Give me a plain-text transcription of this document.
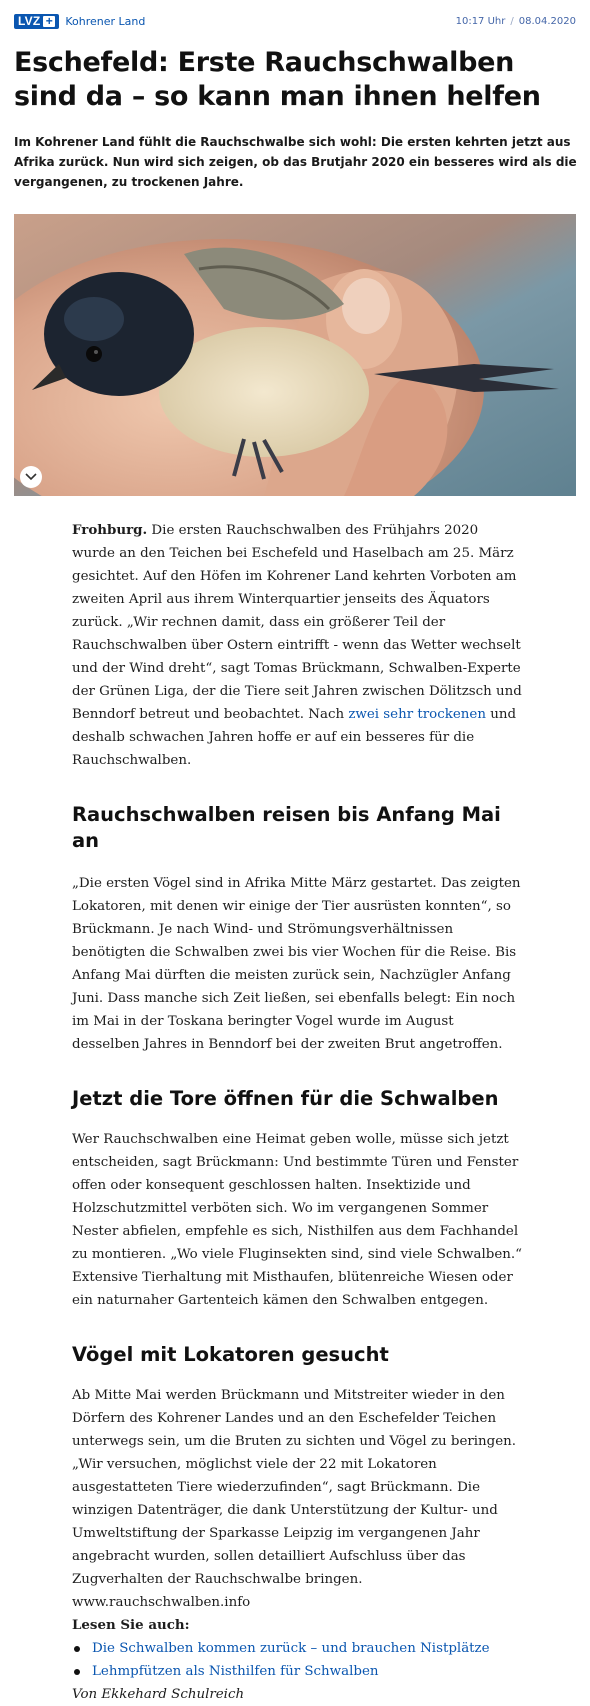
LVZ + Kohrener Land	10:17 Uhr / 08.04.2020
Eschefeld: Erste Rauchschwalben sind da – so kann man ihnen helfen

Im Kohrener Land fühlt die Rauchschwalbe sich wohl: Die ersten kehrten jetzt aus Afrika zurück. Nun wird sich zeigen, ob das Brutjahr 2020 ein besseres wird als die vergangenen, zu trockenen Jahre.

Frohburg. Die ersten Rauchschwalben des Frühjahrs 2020 wurde an den Teichen bei Eschefeld und Haselbach am 25. März gesichtet. Auf den Höfen im Kohrener Land kehrten Vorboten am zweiten April aus ihrem Winterquartier jenseits des Äquators zurück. „Wir rechnen damit, dass ein größerer Teil der Rauchschwalben über Ostern eintrifft - wenn das Wetter wechselt und der Wind dreht“, sagt Tomas Brückmann, Schwalben-Experte der Grünen Liga, der die Tiere seit Jahren zwischen Dölitzsch und Benndorf betreut und beobachtet. Nach zwei sehr trockenen und deshalb schwachen Jahren hoffe er auf ein besseres für die Rauchschwalben.

Rauchschwalben reisen bis Anfang Mai an

„Die ersten Vögel sind in Afrika Mitte März gestartet. Das zeigten Lokatoren, mit denen wir einige der Tier ausrüsten konnten“, so Brückmann. Je nach Wind- und Strömungsverhältnissen benötigten die Schwalben zwei bis vier Wochen für die Reise. Bis Anfang Mai dürften die meisten zurück sein, Nachzügler Anfang Juni. Dass manche sich Zeit ließen, sei ebenfalls belegt: Ein noch im Mai in der Toskana beringter Vogel wurde im August desselben Jahres in Benndorf bei der zweiten Brut angetroffen.

Jetzt die Tore öffnen für die Schwalben

Wer Rauchschwalben eine Heimat geben wolle, müsse sich jetzt entscheiden, sagt Brückmann: Und bestimmte Türen und Fenster offen oder konsequent geschlossen halten. Insektizide und Holzschutzmittel verböten sich. Wo im vergangenen Sommer Nester abfielen, empfehle es sich, Nisthilfen aus dem Fachhandel zu montieren. „Wo viele Fluginsekten sind, sind viele Schwalben.“ Extensive Tierhaltung mit Misthaufen, blütenreiche Wiesen oder ein naturnaher Gartenteich kämen den Schwalben entgegen.

Vögel mit Lokatoren gesucht

Ab Mitte Mai werden Brückmann und Mitstreiter wieder in den Dörfern des Kohrener Landes und an den Eschefelder Teichen unterwegs sein, um die Bruten zu sichten und Vögel zu beringen. „Wir versuchen, möglichst viele der 22 mit Lokatoren ausgestatteten Tiere wiederzufinden“, sagt Brückmann. Die winzigen Datenträger, die dank Unterstützung der Kultur- und Umweltstiftung der Sparkasse Leipzig im vergangenen Jahr angebracht wurden, sollen detailliert Aufschluss über das Zugverhalten der Rauchschwalbe bringen.

www.rauchschwalben.info

Lesen Sie auch:

Die Schwalben kommen zurück – und brauchen Nistplätze
Lehmpfützen als Nisthilfen für Schwalben

Von Ekkehard Schulreich
